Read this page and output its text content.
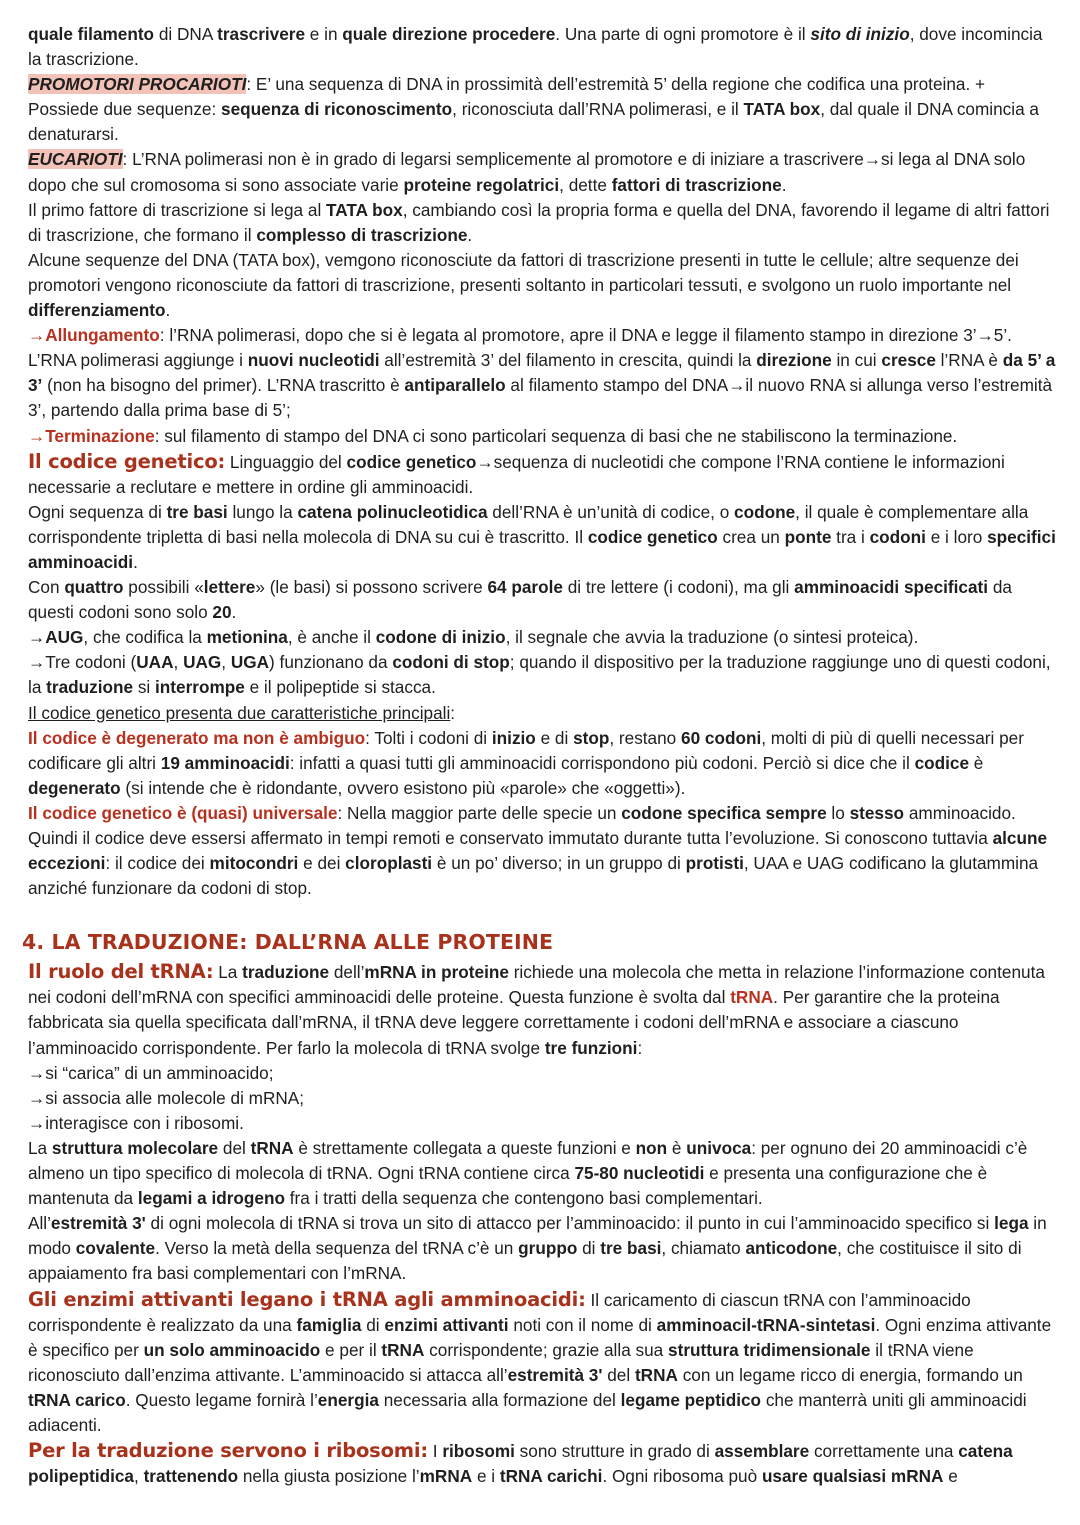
quale filamento di DNA trascrivere e in quale direzione procedere. Una parte di ogni promotore è il sito di inizio, dove incomincia la trascrizione.

PROMOTORI PROCARIOTI: E’ una sequenza di DNA in prossimità dell’estremità 5’ della regione che codifica una proteina. + Possiede due sequenze: sequenza di riconoscimento, riconosciuta dall’RNA polimerasi, e il TATA box, dal quale il DNA comincia a denaturarsi.

EUCARIOTI: L’RNA polimerasi non è in grado di legarsi semplicemente al promotore e di iniziare a trascrivere→si lega al DNA solo dopo che sul cromosoma si sono associate varie proteine regolatrici, dette fattori di trascrizione.

Il primo fattore di trascrizione si lega al TATA box, cambiando così la propria forma e quella del DNA, favorendo il legame di altri fattori di trascrizione, che formano il complesso di trascrizione.

Alcune sequenze del DNA (TATA box), vemgono riconosciute da fattori di trascrizione presenti in tutte le cellule; altre sequenze dei promotori vengono riconosciute da fattori di trascrizione, presenti soltanto in particolari tessuti, e svolgono un ruolo importante nel differenziamento.

→Allungamento: l’RNA polimerasi, dopo che si è legata al promotore, apre il DNA e legge il filamento stampo in direzione 3’→5’. L’RNA polimerasi aggiunge i nuovi nucleotidi all’estremità 3’ del filamento in crescita, quindi la direzione in cui cresce l’RNA è da 5’ a 3’ (non ha bisogno del primer). L’RNA trascritto è antiparallelo al filamento stampo del DNA→il nuovo RNA si allunga verso l’estremità 3’, partendo dalla prima base di 5’;

→Terminazione: sul filamento di stampo del DNA ci sono particolari sequenza di basi che ne stabiliscono la terminazione.

Il codice genetico: Linguaggio del codice genetico→sequenza di nucleotidi che compone l’RNA contiene le informazioni necessarie a reclutare e mettere in ordine gli amminoacidi.

Ogni sequenza di tre basi lungo la catena polinucleotidica dell’RNA è un’unità di codice, o codone, il quale è complementare alla corrispondente tripletta di basi nella molecola di DNA su cui è trascritto. Il codice genetico crea un ponte tra i codoni e i loro specifici amminoacidi.

Con quattro possibili «lettere» (le basi) si possono scrivere 64 parole di tre lettere (i codoni), ma gli amminoacidi specificati da questi codoni sono solo 20.

→AUG, che codifica la metionina, è anche il codone di inizio, il segnale che avvia la traduzione (o sintesi proteica).

→Tre codoni (UAA, UAG, UGA) funzionano da codoni di stop; quando il dispositivo per la traduzione raggiunge uno di questi codoni, la traduzione si interrompe e il polipeptide si stacca.

Il codice genetico presenta due caratteristiche principali:

Il codice è degenerato ma non è ambiguo: Tolti i codoni di inizio e di stop, restano 60 codoni, molti di più di quelli necessari per codificare gli altri 19 amminoacidi: infatti a quasi tutti gli amminoacidi corrispondono più codoni. Perciò si dice che il codice è degenerato (si intende che è ridondante, ovvero esistono più «parole» che «oggetti»).

Il codice genetico è (quasi) universale: Nella maggior parte delle specie un codone specifica sempre lo stesso amminoacido. Quindi il codice deve essersi affermato in tempi remoti e conservato immutato durante tutta l’evoluzione. Si conoscono tuttavia alcune eccezioni: il codice dei mitocondri e dei cloroplasti è un po’ diverso; in un gruppo di protisti, UAA e UAG codificano la glutammina anziché funzionare da codoni di stop.

4. LA TRADUZIONE: DALL’RNA ALLE PROTEINE

Il ruolo del tRNA: La traduzione dell’mRNA in proteine richiede una molecola che metta in relazione l’informazione contenuta nei codoni dell’mRNA con specifici amminoacidi delle proteine. Questa funzione è svolta dal tRNA. Per garantire che la proteina fabbricata sia quella specificata dall’mRNA, il tRNA deve leggere correttamente i codoni dell’mRNA e associare a ciascuno l’amminoacido corrispondente. Per farlo la molecola di tRNA svolge tre funzioni:

→si “carica” di un amminoacido;

→si associa alle molecole di mRNA;

→interagisce con i ribosomi.

La struttura molecolare del tRNA è strettamente collegata a queste funzioni e non è univoca: per ognuno dei 20 amminoacidi c’è almeno un tipo specifico di molecola di tRNA. Ogni tRNA contiene circa 75-80 nucleotidi e presenta una configurazione che è mantenuta da legami a idrogeno fra i tratti della sequenza che contengono basi complementari.

All’estremità 3' di ogni molecola di tRNA si trova un sito di attacco per l’amminoacido: il punto in cui l’amminoacido specifico si lega in modo covalente. Verso la metà della sequenza del tRNA c’è un gruppo di tre basi, chiamato anticodone, che costituisce il sito di appaiamento fra basi complementari con l’mRNA.

Gli enzimi attivanti legano i tRNA agli amminoacidi: Il caricamento di ciascun tRNA con l’amminoacido corrispondente è realizzato da una famiglia di enzimi attivanti noti con il nome di amminoacil-tRNA-sintetasi. Ogni enzima attivante è specifico per un solo amminoacido e per il tRNA corrispondente; grazie alla sua struttura tridimensionale il tRNA viene riconosciuto dall’enzima attivante. L’amminoacido si attacca all’estremità 3' del tRNA con un legame ricco di energia, formando un tRNA carico. Questo legame fornirà l’energia necessaria alla formazione del legame peptidico che manterrà uniti gli amminoacidi adiacenti.

Per la traduzione servono i ribosomi: I ribosomi sono strutture in grado di assemblare correttamente una catena polipeptidica, trattenendo nella giusta posizione l’mRNA e i tRNA carichi. Ogni ribosoma può usare qualsiasi mRNA e
